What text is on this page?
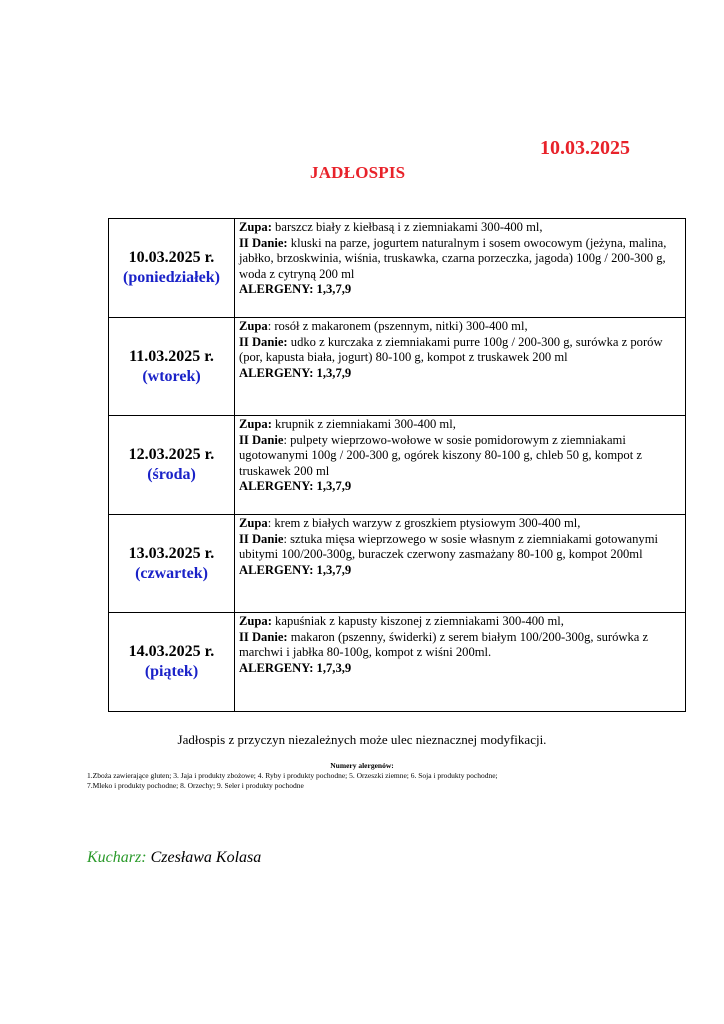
10.03.2025
JADŁOSPIS
10.03.2025 r.
(poniedziałek)	Zupa: barszcz biały z kiełbasą i z ziemniakami 300-400 ml,
II Danie: kluski na parze, jogurtem naturalnym i sosem owocowym (jeżyna, malina, jabłko, brzoskwinia, wiśnia, truskawka, czarna porzeczka, jagoda) 100g / 200-300 g, woda z cytryną 200 ml
ALERGENY: 1,3,7,9

11.03.2025 r.
(wtorek)	Zupa: rosół z makaronem (pszennym, nitki) 300-400 ml,
II Danie: udko z kurczaka z ziemniakami purre 100g / 200-300 g, surówka z porów (por, kapusta biała, jogurt) 80-100 g, kompot z truskawek 200 ml
ALERGENY: 1,3,7,9

12.03.2025 r.
(środa)	Zupa: krupnik z ziemniakami 300-400 ml,
II Danie: pulpety wieprzowo-wołowe w sosie pomidorowym z ziemniakami ugotowanymi 100g / 200-300 g, ogórek kiszony 80-100 g, chleb 50 g, kompot z truskawek 200 ml
ALERGENY: 1,3,7,9

13.03.2025 r.
(czwartek)	Zupa: krem z białych warzyw z groszkiem ptysiowym 300-400 ml,
II Danie: sztuka mięsa wieprzowego w sosie własnym z ziemniakami gotowanymi ubitymi 100/200-300g, buraczek czerwony zasmażany 80-100 g, kompot 200ml
ALERGENY: 1,3,7,9

14.03.2025 r.
(piątek)	Zupa: kapuśniak z kapusty kiszonej z ziemniakami 300-400 ml,
II Danie: makaron (pszenny, świderki) z serem białym 100/200-300g, surówka z marchwi i jabłka 80-100g, kompot z wiśni 200ml.
ALERGENY: 1,7,3,9
Jadłospis z przyczyn niezależnych może ulec nieznacznej modyfikacji.
Numery alergenów:
1.Zboża zawierające gluten; 3. Jaja i produkty zbożowe; 4. Ryby i produkty pochodne; 5. Orzeszki ziemne; 6. Soja i produkty pochodne;
7.Mleko i produkty pochodne; 8. Orzechy; 9. Seler i produkty pochodne
Kucharz: Czesława Kolasa
